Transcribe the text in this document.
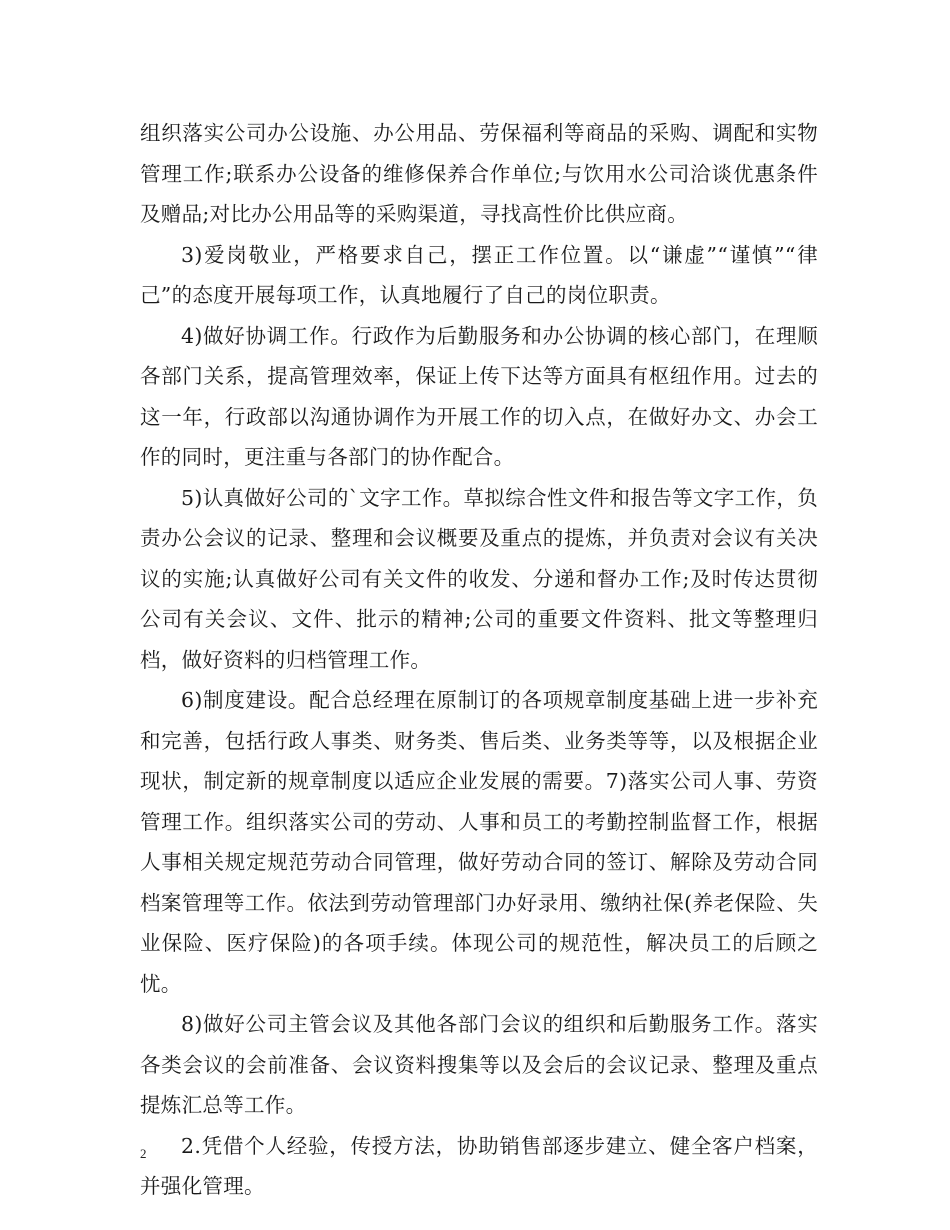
组织落实公司办公设施、办公用品、劳保福利等商品的采购、调配和实物管理工作;联系办公设备的维修保养合作单位;与饮用水公司洽谈优惠条件及赠品;对比办公用品等的采购渠道，寻找高性价比供应商。

3)爱岗敬业，严格要求自己，摆正工作位置。以“谦虚”“谨慎”“律己”的态度开展每项工作，认真地履行了自己的岗位职责。

4)做好协调工作。行政作为后勤服务和办公协调的核心部门，在理顺各部门关系，提高管理效率，保证上传下达等方面具有枢纽作用。过去的这一年，行政部以沟通协调作为开展工作的切入点，在做好办文、办会工作的同时，更注重与各部门的协作配合。

5)认真做好公司的`文字工作。草拟综合性文件和报告等文字工作，负责办公会议的记录、整理和会议概要及重点的提炼，并负责对会议有关决议的实施;认真做好公司有关文件的收发、分递和督办工作;及时传达贯彻公司有关会议、文件、批示的精神;公司的重要文件资料、批文等整理归档，做好资料的归档管理工作。

6)制度建设。配合总经理在原制订的各项规章制度基础上进一步补充和完善，包括行政人事类、财务类、售后类、业务类等等，以及根据企业现状，制定新的规章制度以适应企业发展的需要。7)落实公司人事、劳资管理工作。组织落实公司的劳动、人事和员工的考勤控制监督工作，根据人事相关规定规范劳动合同管理，做好劳动合同的签订、解除及劳动合同档案管理等工作。依法到劳动管理部门办好录用、缴纳社保(养老保险、失业保险、医疗保险)的各项手续。体现公司的规范性，解决员工的后顾之忧。

8)做好公司主管会议及其他各部门会议的组织和后勤服务工作。落实各类会议的会前准备、会议资料搜集等以及会后的会议记录、整理及重点提炼汇总等工作。

2.凭借个人经验，传授方法，协助销售部逐步建立、健全客户档案，并强化管理。

2
